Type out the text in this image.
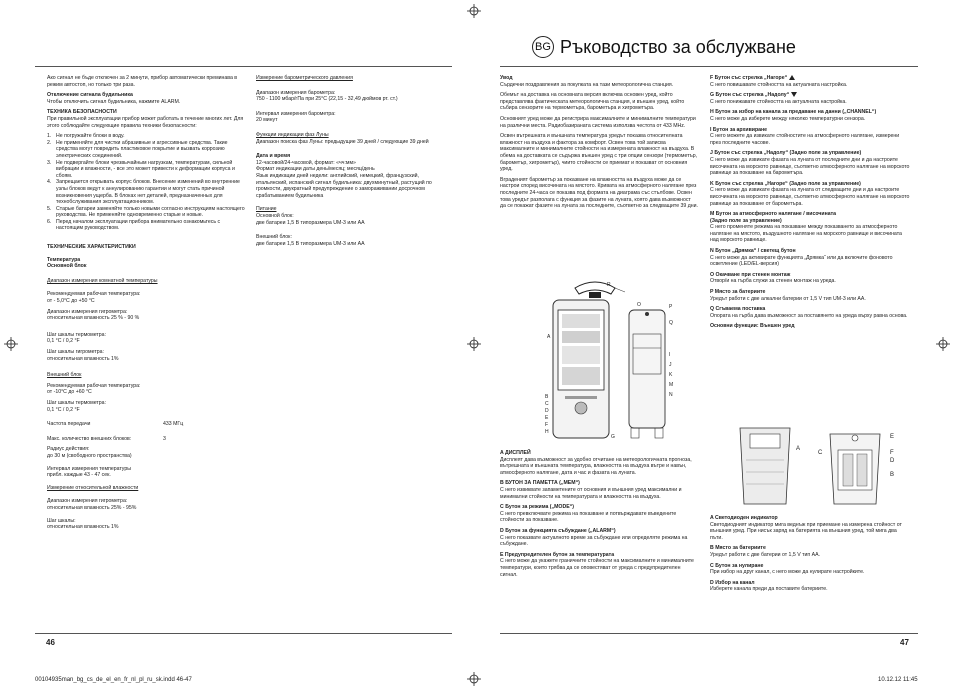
BG Ръководство за обслужване
46	47
00104935man_bg_cs_de_el_en_fr_nl_pl_ru_sk.indd 46-47	10.12.12 11:45

Ако сигнал не бъде отключен за 2 минути, прибор автоматически преминава в режим автостоп, но только три раза.

Отключение сигнала будильника

Чтобы отключить сигнал будильника, нажмите ALARM.

ТЕХНИКА БЕЗОПАСНОСТИ

При правильной эксплуатации прибор может работать в течение многих лет. Для этого соблюдайте следующие правила техники безопасности:

1. Не погружайте блоки в воду.
2. Не применяйте для чистки абразивные и агрессивные средства. Такие средства могут повредить пластиковое покрытие и вызвать коррозию электрических соединений.
3. Не подвергайте блоки чрезвычайным нагрузкам, температурам, сильной вибрации и влажности, - все это может привести к деформации корпуса и сбоям.
4. Запрещается открывать корпус блоков. Внесение изменений во внутренние узлы блоков ведут к аннулированию гарантии и могут стать причиной возникновения ущерба. В блоках нет деталей, предназначенных для технобслуживания эксплуатационником.
5. Старые батареи заменяйте только новыми согласно инструкциям настоящего руководства. Не применяйте одновременно старые и новые.
6. Перед началом эксплуатации прибора внимательно ознакомьтесь с настоящим руководством.
ТЕХНИЧЕСКИЕ ХАРАКТЕРИСТИКИ
Температура
Основной блок

Диапазон измерения комнатной температуры

Рекомендуемая рабочая температура:

от - 5,0°С до +50 °С

Диапазон измерения гигрометра:

относительная влажность 25 % - 90 %

Шаг шкалы термометра:

0,1 °С / 0,2 °F

Шаг шкалы гигрометра:

относительная влажность 1%

Внешний блок

Рекомендуемая рабочая температура:

от -10°С до +60 °С

Шаг шкалы термометра:

0,1 °С / 0,2 °F

Частота передачи	433 МГц

Макс. количество внешних блоков:	3

Радиус действия:

до 30 м (свободного пространства)

Интервал измерения температуры

прибл. каждые 43 - 47 сек.

Измерение относительной влажности

Диапазон измерения гигрометра:

относительная влажность 25% - 95%

Шаг шкалы:

относительная влажность 1%

Измерение барометрического давления

Диапазон измерения барометра:

750 - 1100 мбар/гПа при 25°С (22,15 - 32,49 дюймов рт. ст.)

Интервал измерения барометра:

20 минут

Функции индикации фаз Луны

Диапазон поиска фаз Луны: предыдущие 39 дней / следующие 39 дней

Дата и время
12-часовой/24-часовой, формат: «чч:мм»
Формат индикации даты день/месяц; месяц/день
Язык индикации дней недели: английский, немецкий, французский,
итальянский, испанский сигнал будильника: двухминутный, растущий по
громкости, двукратный предупреждение о замораживании досрочном

срабатыванием будильника

Питание
Основной блок:

две батареи 1,5 В типоразмера UM-3 или AA

Внешний блок:

две батареи 1,5 В типоразмера UM-3 или AA

Увод

Сърдечни поздравления за покупката на тази метеорологична станция.

Обемът на доставка на основната версия включва основен уред, който представлява фактическата метеорологична станция, и външен уред, който събира сензорите на термометъра, барометъра и хигрометъра.

Основният уред може да регистрира максималните и минималните температури на различни места. Радиобазираната система използва честота от 433 MHz.

Освен вътрешната и външната температура уредът показва относителната влажност на въздуха и фактора за комфорт. Освен това той записва максималните и минималните стойности на измерената влажност на въздуха. В обема на доставката се съдържа външен уред с три опции сензори (термометър, барометър, хигрометър), чиито стойности се приемат и показват от основния уред.

Вграденият барометър за показване на влажността на въздуха може да се настрои според височината на мястото. Кривата на атмосферното налягане през последните 24-часа се показва под формата на диаграма със стълбове. Освен това уредът разполага с функция за фазите на луната, която дава възможност да се покажат фазите на луната за последните, съответно за следващите 39 дни.

R
O	P
A
Q
I
J
K
M
N
B
C
D
E
F
H
G
A ДИСПЛЕЙ

Дисплеят дава възможност за удобно отчитане на метеорологичната прогноза, вътрешната и външната температура, влажността на въздуха вътре и навън, атмосферното налягане, дата и час и фазата на луната.

B БУТОН ЗА ПАМЕТТА („MEM“)

С него извиквате запаметените от основния и външния уред максимални и минимални стойности на температурата и влажността на въздуха.

C Бутон за режима („MODE“)

С него превключвате режима на показване и потвърждавате въведените стойности за показване.

D Бутон за функцията събуждане („ALARM“)

С него показвате актуалното време за събуждане или определяте режима на събуждане.

E Предупредителен бутон за температурата

С него може да укажете граничните стойности на максималните и минималните температури, които трябва да се оповестяват от уреда с предупредителен сигнал.

F Бутон със стрелка „Нагоре“

С него повишавате стойността на актуалната настройка.

G Бутон със стрелка „Надолу“

С него понижавате стойността на актуалната настройка.

H Бутон за избор на канала за предаване на данни („CHANNEL“)

С него може да изберете между няколко температурни сензора.

I Бутон за архивиране

С него можете да извикате стойностите на атмосферното налягане, измерени през последните часове.

J Бутон със стрелка „Надолу“ (Задно поле за управление)

С него може да извикате фазата на луната от последните дни и да настроите височината на морското равнище, съответно атмосферното налягане на морското равнище за показване на барометъра.

K Бутон със стрелка „Нагоре“ (Задно поле за управление)

С него може да извикате фазата на луната от следващите дни и да настроите височината на морското равнище, съответно атмосферното налягане на морското равнище за показване от барометъра.

M Бутон за атмосферното налягане / височината
(Задно поле за управление)

С него променяте режима на показване между показването за атмосферното налягане на мястото, въздушното налягане на морското равнище и височината над морското равнище.

N Бутон „Дрямка“ / светещ бутон

С него може да активирате функцията „Дрямка“ или да включите фоновото осветление (LED/EL-версия)

O Окачване при стенен монтаж

Отвор/и на гърба служи за стенен монтаж на уреда.

P Място за батериите

Уредът работи с две алкални батерии от 1,5 V тип UM-3 или AA.

Q Сгъваема поставка

Опората на гърба дава възможност за поставянето на уреда върху равна основа.

Основни функции: Външен уред
A
C
E
F
D
B
A Светодиоден индикатор

Светодиодният индикатор мига веднъж при приемане на измерена стойност от външния уред. При нисък заряд на батерията на външния уред, той мига два пъти.

B Място за батериите

Уредът работи с две батерии от 1,5 V тип AA.

C Бутон за нулиране

При избор на друг канал, с него може да нулирате настройките.

D Избор на канал

Изберете канала преди да поставите батериите.
